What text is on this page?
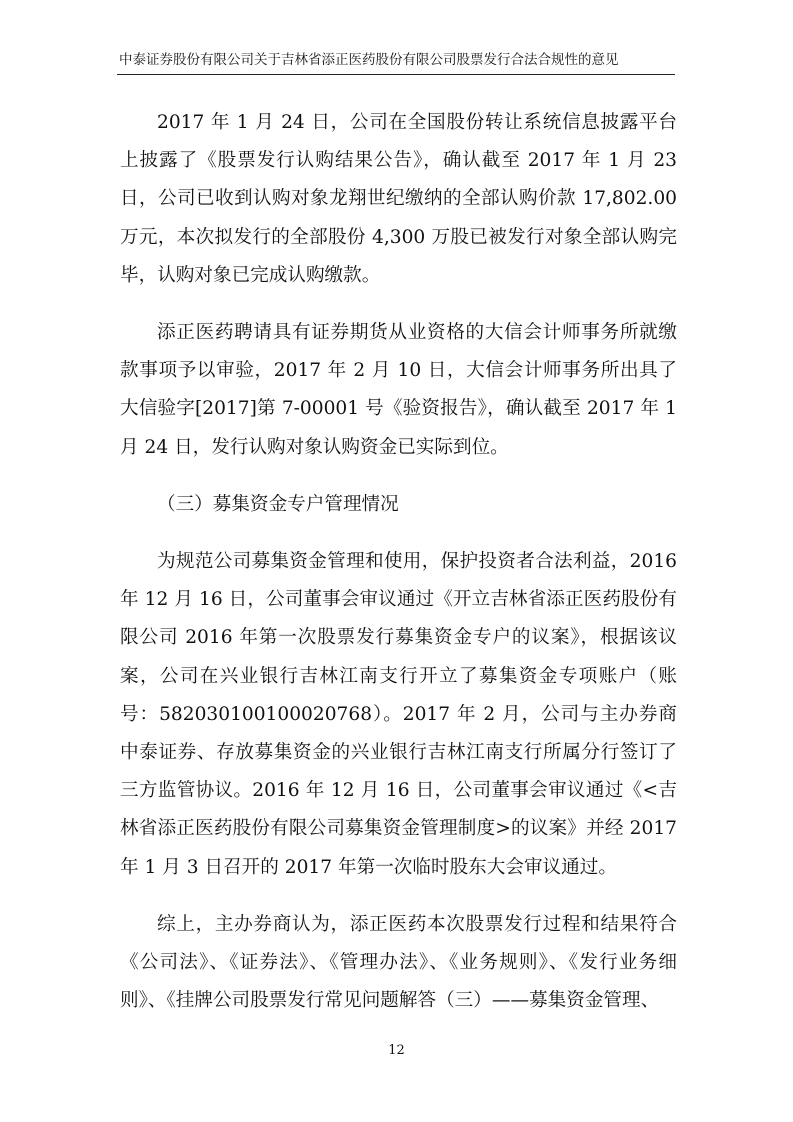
中泰证券股份有限公司关于吉林省添正医药股份有限公司股票发行合法合规性的意见

2017 年 1 月 24 日，公司在全国股份转让系统信息披露平台上披露了《股票发行认购结果公告》，确认截至 2017 年 1 月 23 日，公司已收到认购对象龙翔世纪缴纳的全部认购价款 17,802.00 万元，本次拟发行的全部股份 4,300 万股已被发行对象全部认购完毕，认购对象已完成认购缴款。

添正医药聘请具有证券期货从业资格的大信会计师事务所就缴款事项予以审验，2017 年 2 月 10 日，大信会计师事务所出具了大信验字[2017]第 7-00001 号《验资报告》，确认截至 2017 年 1 月 24 日，发行认购对象认购资金已实际到位。

（三）募集资金专户管理情况

为规范公司募集资金管理和使用，保护投资者合法利益，2016 年 12 月 16 日，公司董事会审议通过《开立吉林省添正医药股份有限公司 2016 年第一次股票发行募集资金专户的议案》，根据该议案，公司在兴业银行吉林江南支行开立了募集资金专项账户（账号：582030100100020768）。2017 年 2 月，公司与主办券商中泰证券、存放募集资金的兴业银行吉林江南支行所属分行签订了三方监管协议。2016 年 12 月 16 日，公司董事会审议通过《<吉林省添正医药股份有限公司募集资金管理制度>的议案》并经 2017 年 1 月 3 日召开的 2017 年第一次临时股东大会审议通过。

综上，主办券商认为，添正医药本次股票发行过程和结果符合《公司法》、《证券法》、《管理办法》、《业务规则》、《发行业务细则》、《挂牌公司股票发行常见问题解答（三）——募集资金管理、

12
